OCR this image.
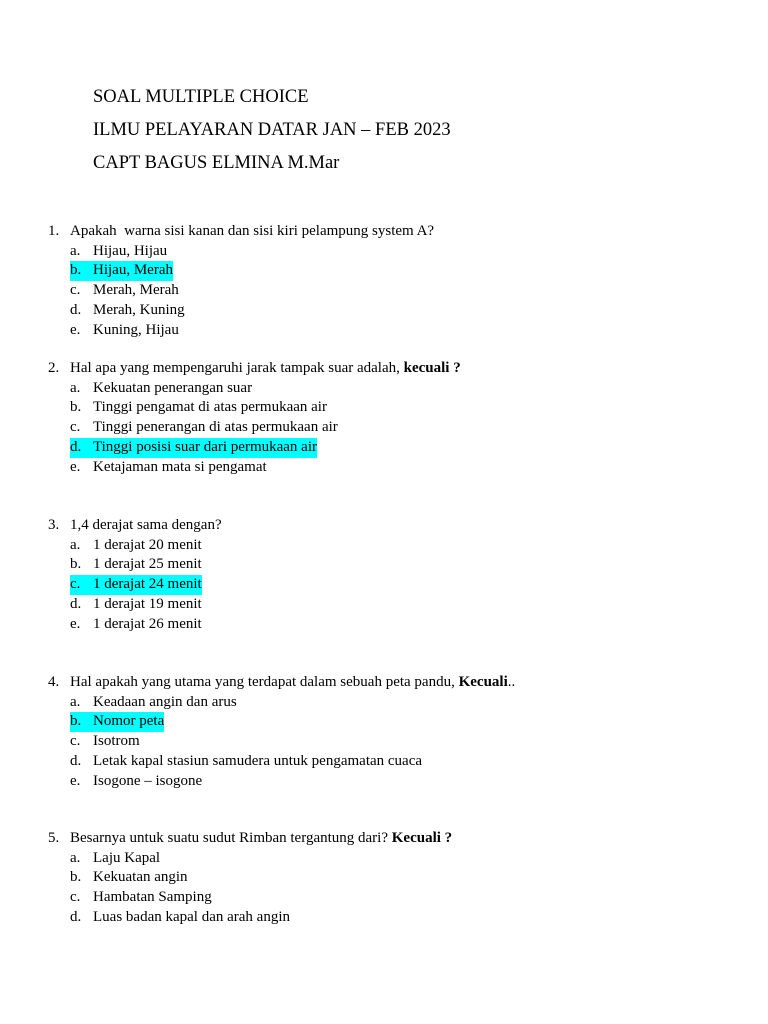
SOAL MULTIPLE CHOICE
ILMU PELAYARAN DATAR JAN – FEB 2023
CAPT BAGUS ELMINA M.Mar
1. Apakah  warna sisi kanan dan sisi kiri pelampung system A?
a. Hijau, Hijau
b. Hijau, Merah
c. Merah, Merah
d. Merah, Kuning
e. Kuning, Hijau
2. Hal apa yang mempengaruhi jarak tampak suar adalah, kecuali ?
a. Kekuatan penerangan suar
b. Tinggi pengamat di atas permukaan air
c. Tinggi penerangan di atas permukaan air
d. Tinggi posisi suar dari permukaan air
e. Ketajaman mata si pengamat
3. 1,4 derajat sama dengan?
a. 1 derajat 20 menit
b. 1 derajat 25 menit
c. 1 derajat 24 menit
d. 1 derajat 19 menit
e. 1 derajat 26 menit
4. Hal apakah yang utama yang terdapat dalam sebuah peta pandu, Kecuali..
a. Keadaan angin dan arus
b. Nomor peta
c. Isotrom
d. Letak kapal stasiun samudera untuk pengamatan cuaca
e. Isogone – isogone
5. Besarnya untuk suatu sudut Rimban tergantung dari? Kecuali ?
a. Laju Kapal
b. Kekuatan angin
c. Hambatan Samping
d. Luas badan kapal dan arah angin
